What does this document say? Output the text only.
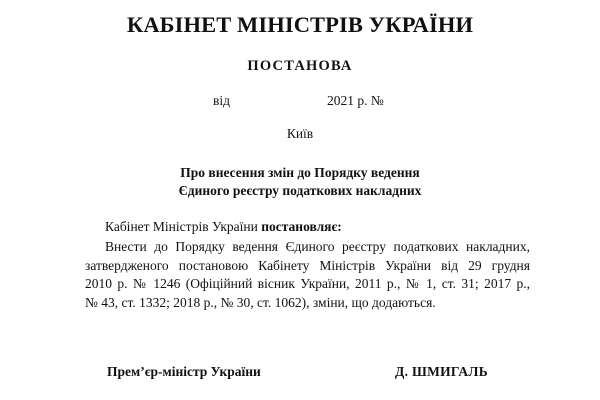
КАБІНЕТ МІНІСТРІВ УКРАЇНИ
ПОСТАНОВА
від	2021 р. №
Київ
Про внесення змін до Порядку ведення
Єдиного реєстру податкових накладних
Кабінет Міністрів України постановляє:
Внести до Порядку ведення Єдиного реєстру податкових накладних,
затвердженого постановою Кабінету Міністрів України від 29 грудня
2010 р. № 1246 (Офіційний вісник України, 2011 р., № 1, ст. 31; 2017 р.,
№ 43, ст. 1332; 2018 р., № 30, ст. 1062), зміни, що додаються.
Прем’єр-міністр України	Д. ШМИГАЛЬ
